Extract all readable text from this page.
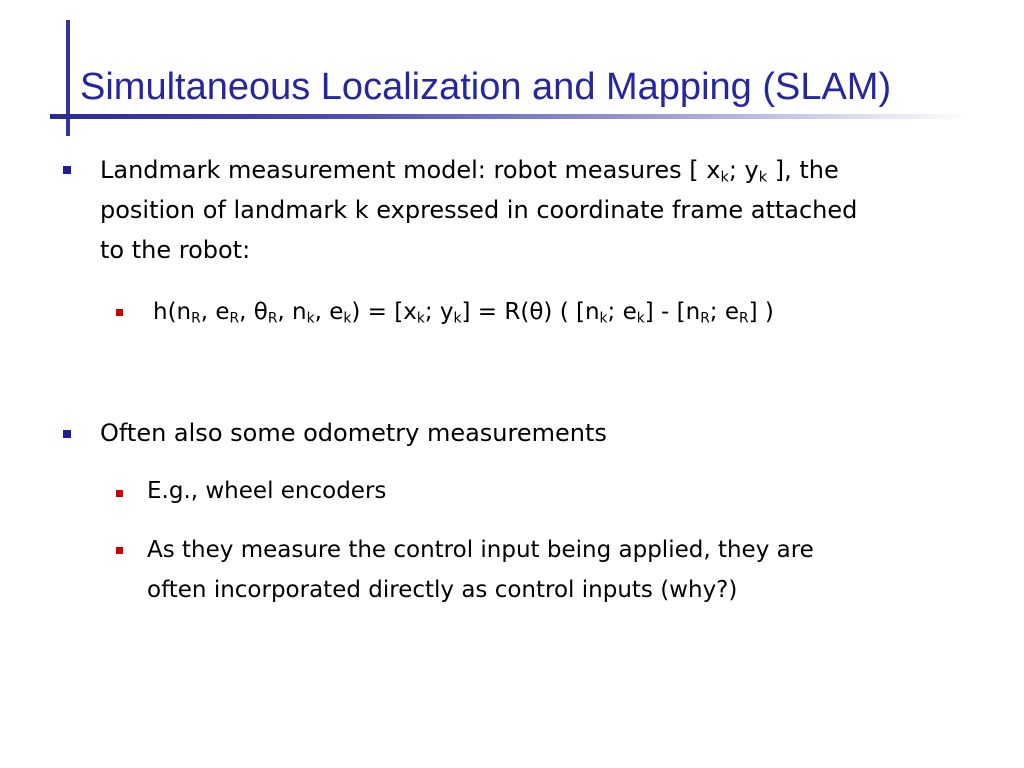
Simultaneous Localization and Mapping (SLAM)
Landmark measurement model: robot measures [ $x_k$; $y_k$ ], the
position of landmark k expressed in coordinate frame attached
to the robot:
$h(n_R$, $e_R$, $\theta_R$, $n_k$, $e_k) = [x_k$; $y_k] = R(\theta)$ ( [$n_k$; $e_k] - [n_R$; $e_R$] )
Often also some odometry measurements
E.g., wheel encoders
As they measure the control input being applied, they are
often incorporated directly as control inputs (why?)
